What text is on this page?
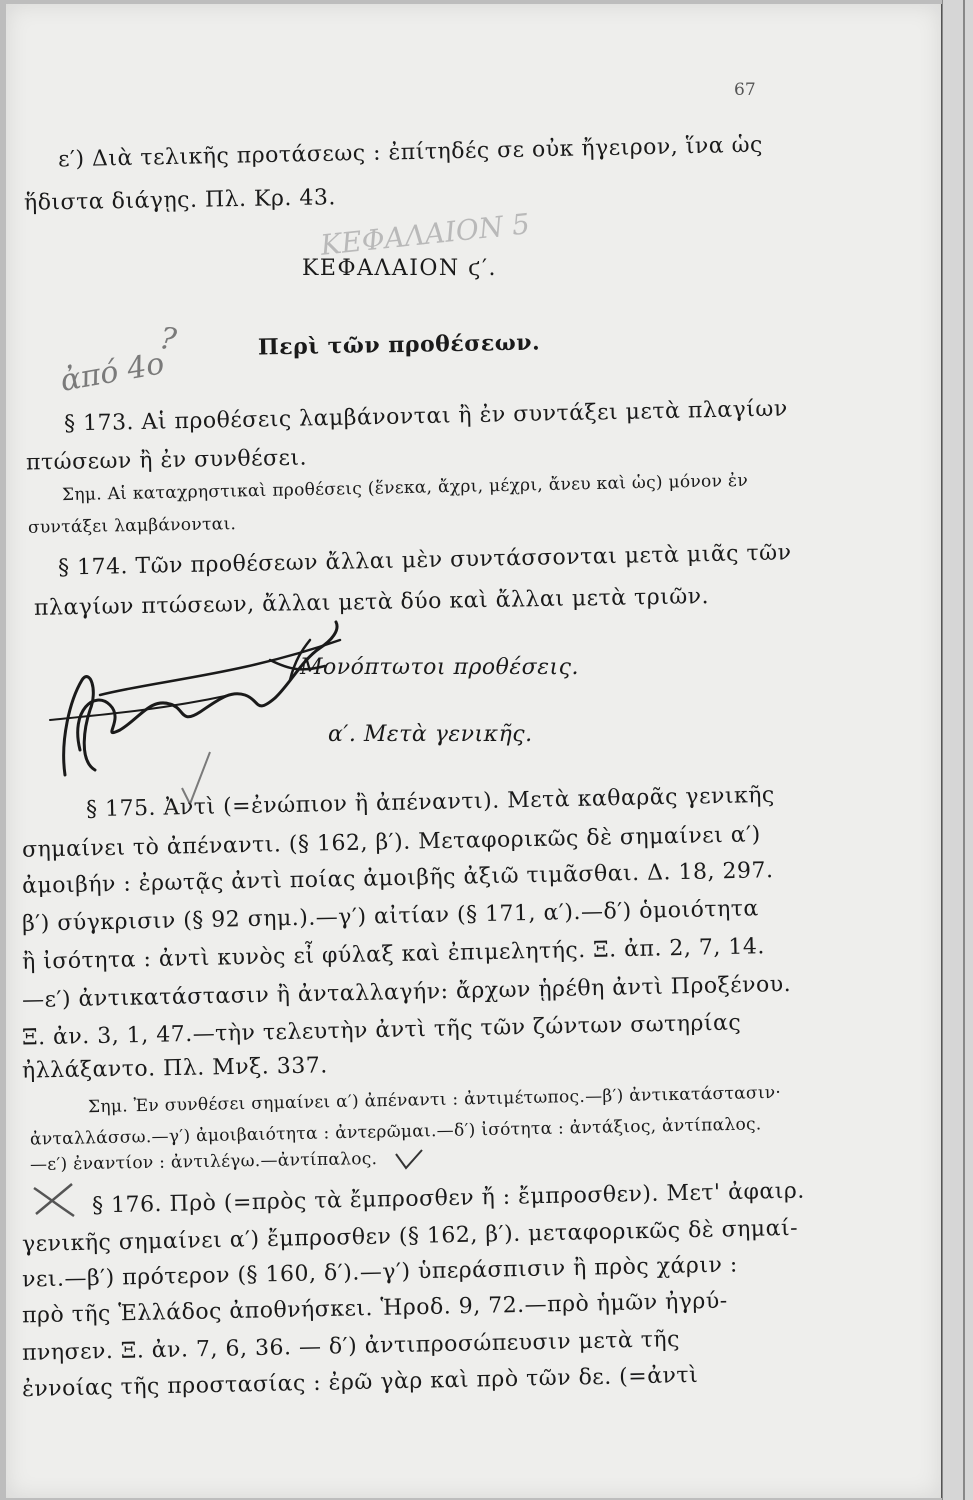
67
ΚΕΦΑΛΑΙΟΝ 5
ε′) Διὰ τελικῆς προτάσεως : ἐπίτηδές σε οὐκ ἤγειρον, ἵνα ὡς
ἥδιστα διάγῃς. Πλ. Κρ. 43.
ΚΕΦΑΛΑΙΟΝ ϛ′.
Περὶ τῶν προθέσεων.
ἀπό 4ο
?
§ 173. Αἱ προθέσεις λαμβάνονται ἢ ἐν συντάξει μετὰ πλαγίων
πτώσεων ἢ ἐν συνθέσει.
Σημ. Αἱ καταχρηστικαὶ προθέσεις (ἕνεκα, ἄχρι, μέχρι, ἄνευ καὶ ὡς) μόνον ἐν
συντάξει λαμβάνονται.
§ 174. Τῶν προθέσεων ἄλλαι μὲν συντάσσονται μετὰ μιᾶς τῶν
πλαγίων πτώσεων, ἄλλαι μετὰ δύο καὶ ἄλλαι μετὰ τριῶν.
Μονόπτωτοι προθέσεις.
α′. Μετὰ γενικῆς.
§ 175. Ἀντὶ (=ἐνώπιον ἢ ἀπέναντι). Μετὰ καθαρᾶς γενικῆς
σημαίνει τὸ ἀπέναντι. (§ 162, β′). Μεταφορικῶς δὲ σημαίνει α′)
ἀμοιβήν : ἐρωτᾷς ἀντὶ ποίας ἀμοιβῆς ἀξιῶ τιμᾶσθαι. Δ. 18, 297.
β′) σύγκρισιν (§ 92 σημ.).—γ′) αἰτίαν (§ 171, α′).—δ′) ὁμοιότητα
ἢ ἰσότητα : ἀντὶ κυνὸς εἶ φύλαξ καὶ ἐπιμελητής. Ξ. ἀπ. 2, 7, 14.
—ε′) ἀντικατάστασιν ἢ ἀνταλλαγήν: ἄρχων ᾑρέθη ἀντὶ Προξένου.
Ξ. ἀν. 3, 1, 47.—τὴν τελευτὴν ἀντὶ τῆς τῶν ζώντων σωτηρίας
ἠλλάξαντο. Πλ. Μνξ. 337.
Σημ. Ἐν συνθέσει σημαίνει α′) ἀπέναντι : ἀντιμέτωπος.—β′) ἀντικατάστασιν·
ἀνταλλάσσω.—γ′) ἀμοιβαιότητα : ἀντερῶμαι.—δ′) ἰσότητα : ἀντάξιος, ἀντίπαλος.
—ε′) ἐναντίον : ἀντιλέγω.—ἀντίπαλος.
§ 176. Πρὸ (=πρὸς τὰ ἔμπροσθεν ἤ : ἔμπροσθεν). Μετ' ἀφαιρ.
γενικῆς σημαίνει α′) ἔμπροσθεν (§ 162, β′). μεταφορικῶς δὲ σημαί-
νει.—β′) πρότερον (§ 160, δ′).—γ′) ὑπεράσπισιν ἢ πρὸς χάριν :
πρὸ τῆς Ἑλλάδος ἀποθνήσκει. Ἡροδ. 9, 72.—πρὸ ἡμῶν ἠγρύ-
πνησεν. Ξ. ἀν. 7, 6, 36. — δ′) ἀντιπροσώπευσιν μετὰ τῆς
ἐννοίας τῆς προστασίας : ἐρῶ γὰρ καὶ πρὸ τῶν δε. (=ἀντὶ
